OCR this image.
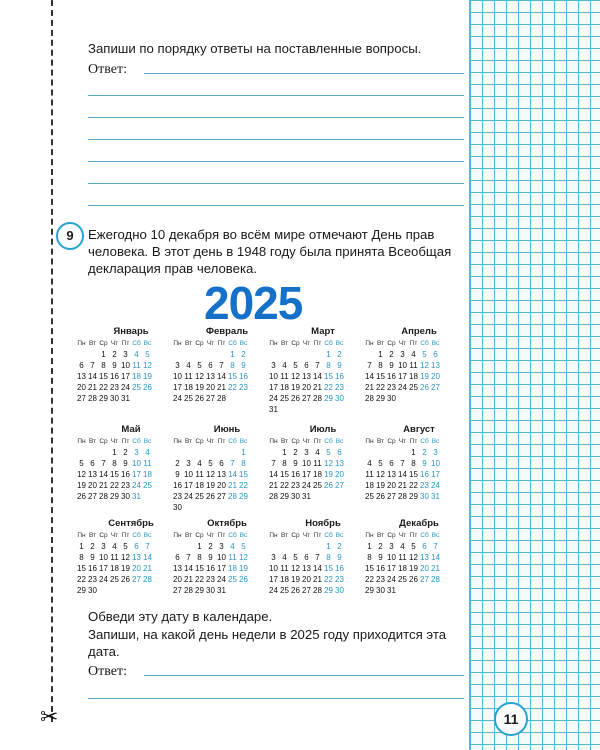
✂
Запиши по порядку ответы на поставленные вопросы.
Ответ:
9	Ежегодно 10 декабря во всём мире отмечают День прав
человека. В этот день в 1948 году была принята Всеобщая
декларация прав человека.
2025
Январь
Пн Вт Ср Чт Пт Сб Вс
1 2 3 4 5
6 7 8 9 10 11 12
13 14 15 16 17 18 19
20 21 22 23 24 25 26
27 28 29 30 31
Февраль
Пн Вт Ср Чт Пт Сб Вс
1 2
3 4 5 6 7 8 9
10 11 12 13 14 15 16
17 18 19 20 21 22 23
24 25 26 27 28
Март
Пн Вт Ср Чт Пт Сб Вс
1 2
3 4 5 6 7 8 9
10 11 12 13 14 15 16
17 18 19 20 21 22 23
24 25 26 27 28 29 30
31
Апрель
Пн Вт Ср Чт Пт Сб Вс
1 2 3 4 5 6
7 8 9 10 11 12 13
14 15 16 17 18 19 20
21 22 23 24 25 26 27
28 29 30
Май
Пн Вт Ср Чт Пт Сб Вс
1 2 3 4
5 6 7 8 9 10 11
12 13 14 15 16 17 18
19 20 21 22 23 24 25
26 27 28 29 30 31
Июнь
Пн Вт Ср Чт Пт Сб Вс
1
2 3 4 5 6 7 8
9 10 11 12 13 14 15
16 17 18 19 20 21 22
23 24 25 26 27 28 29
30
Июль
Пн Вт Ср Чт Пт Сб Вс
1 2 3 4 5 6
7 8 9 10 11 12 13
14 15 16 17 18 19 20
21 22 23 24 25 26 27
28 29 30 31
Август
Пн Вт Ср Чт Пт Сб Вс
1 2 3
4 5 6 7 8 9 10
11 12 13 14 15 16 17
18 19 20 21 22 23 24
25 26 27 28 29 30 31
Сентябрь
Пн Вт Ср Чт Пт Сб Вс
1 2 3 4 5 6 7
8 9 10 11 12 13 14
15 16 17 18 19 20 21
22 23 24 25 26 27 28
29 30
Октябрь
Пн Вт Ср Чт Пт Сб Вс
1 2 3 4 5
6 7 8 9 10 11 12
13 14 15 16 17 18 19
20 21 22 23 24 25 26
27 28 29 30 31
Ноябрь
Пн Вт Ср Чт Пт Сб Вс
1 2
3 4 5 6 7 8 9
10 11 12 13 14 15 16
17 18 19 20 21 22 23
24 25 26 27 28 29 30
Декабрь
Пн Вт Ср Чт Пт Сб Вс
1 2 3 4 5 6 7
8 9 10 11 12 13 14
15 16 17 18 19 20 21
22 23 24 25 26 27 28
29 30 31
Обведи эту дату в календаре.
Запиши, на какой день недели в 2025 году приходится эта
дата.
Ответ:
11
